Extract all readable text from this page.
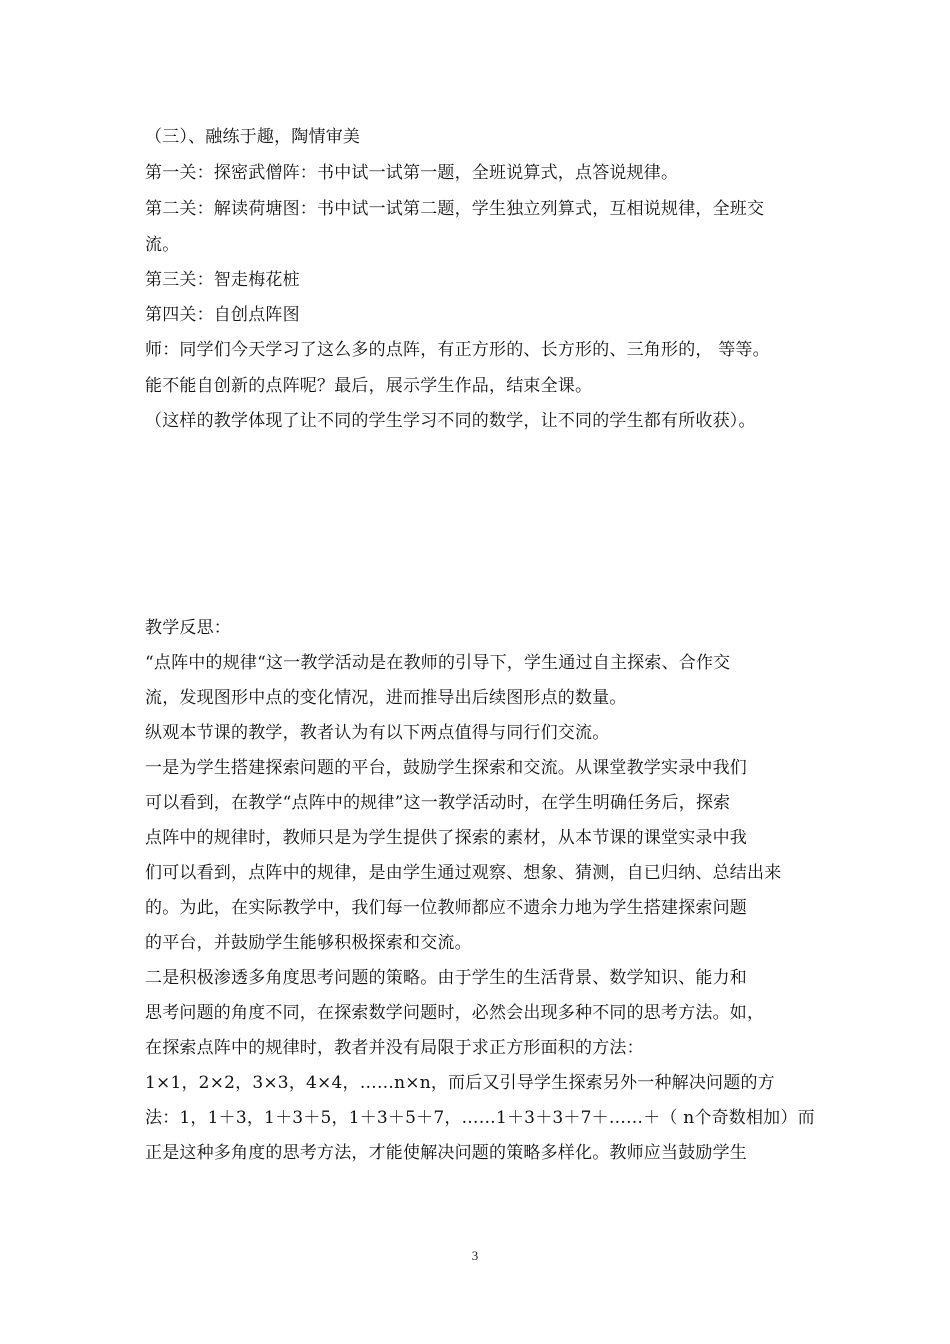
（三）、融练于趣，陶情审美
第一关：探密武僧阵：书中试一试第一题，全班说算式，点答说规律。
第二关：解读荷塘图：书中试一试第二题，学生独立列算式，互相说规律，全班交
流。
第三关：智走梅花桩
第四关：自创点阵图
师：同学们今天学习了这么多的点阵，有正方形的、长方形的、三角形的， 等等。
能不能自创新的点阵呢？最后，展示学生作品，结束全课。
（这样的教学体现了让不同的学生学习不同的数学，让不同的学生都有所收获）。
教学反思：
“点阵中的规律“这一教学活动是在教师的引导下，学生通过自主探索、合作交
流，发现图形中点的变化情况，进而推导出后续图形点的数量。
纵观本节课的教学，教者认为有以下两点值得与同行们交流。
一是为学生搭建探索问题的平台，鼓励学生探索和交流。从课堂教学实录中我们
可以看到，在教学“点阵中的规律”这一教学活动时，在学生明确任务后，探索
点阵中的规律时，教师只是为学生提供了探索的素材，从本节课的课堂实录中我
们可以看到，点阵中的规律，是由学生通过观察、想象、猜测，自已归纳、总结出来
的。为此，在实际教学中，我们每一位教师都应不遗余力地为学生搭建探索问题
的平台，并鼓励学生能够积极探索和交流。
二是积极渗透多角度思考问题的策略。由于学生的生活背景、数学知识、能力和
思考问题的角度不同，在探索数学问题时，必然会出现多种不同的思考方法。如，
在探索点阵中的规律时，教者并没有局限于求正方形面积的方法：
1×1，2×2，3×3，4×4，……n×n，而后又引导学生探索另外一种解决问题的方
法：1，1＋3，1＋3＋5，1＋3＋5＋7，……1＋3＋3＋7＋……＋（ n个奇数相加）而
正是这种多角度的思考方法，才能使解决问题的策略多样化。教师应当鼓励学生
3
